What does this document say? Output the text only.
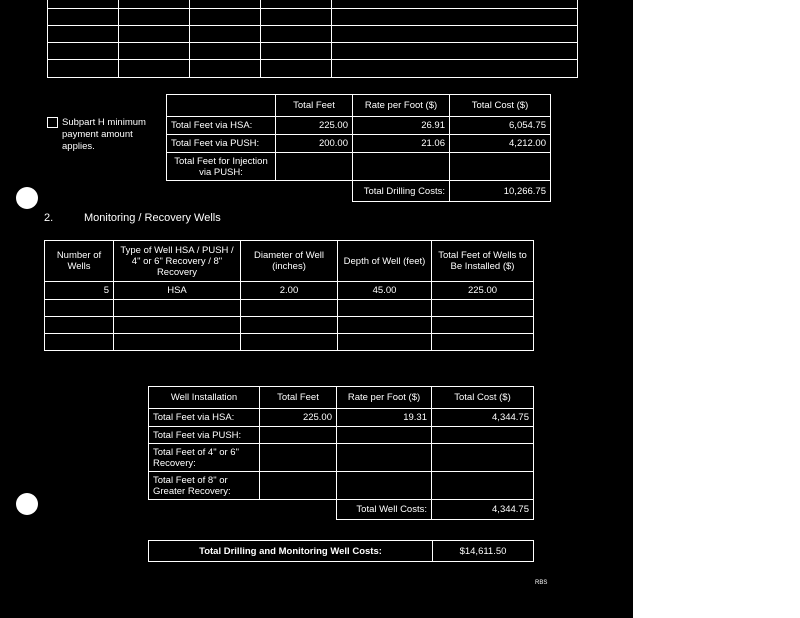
Subpart H minimum payment amount applies.
	Total Feet	Rate per Foot ($)	Total Cost ($)
Total Feet via HSA:	225.00	26.91	6,054.75
Total Feet via PUSH:	200.00	21.06	4,212.00
Total Feet for Injection via PUSH:			
		Total Drilling Costs:	10,266.75
2.	Monitoring / Recovery Wells
Number of Wells	Type of Well HSA / PUSH / 4" or 6" Recovery / 8" Recovery	Diameter of Well (inches)	Depth of Well (feet)	Total Feet of Wells to Be Installed ($)
5	HSA	2.00	45.00	225.00

Well Installation	Total Feet	Rate per Foot ($)	Total Cost ($)
Total Feet via HSA:	225.00	19.31	4,344.75
Total Feet via PUSH:			
Total Feet of 4" or 6" Recovery:			
Total Feet of 8" or Greater Recovery:			
		Total Well Costs:	4,344.75
Total Drilling and Monitoring Well Costs:	$14,611.50
RBS
